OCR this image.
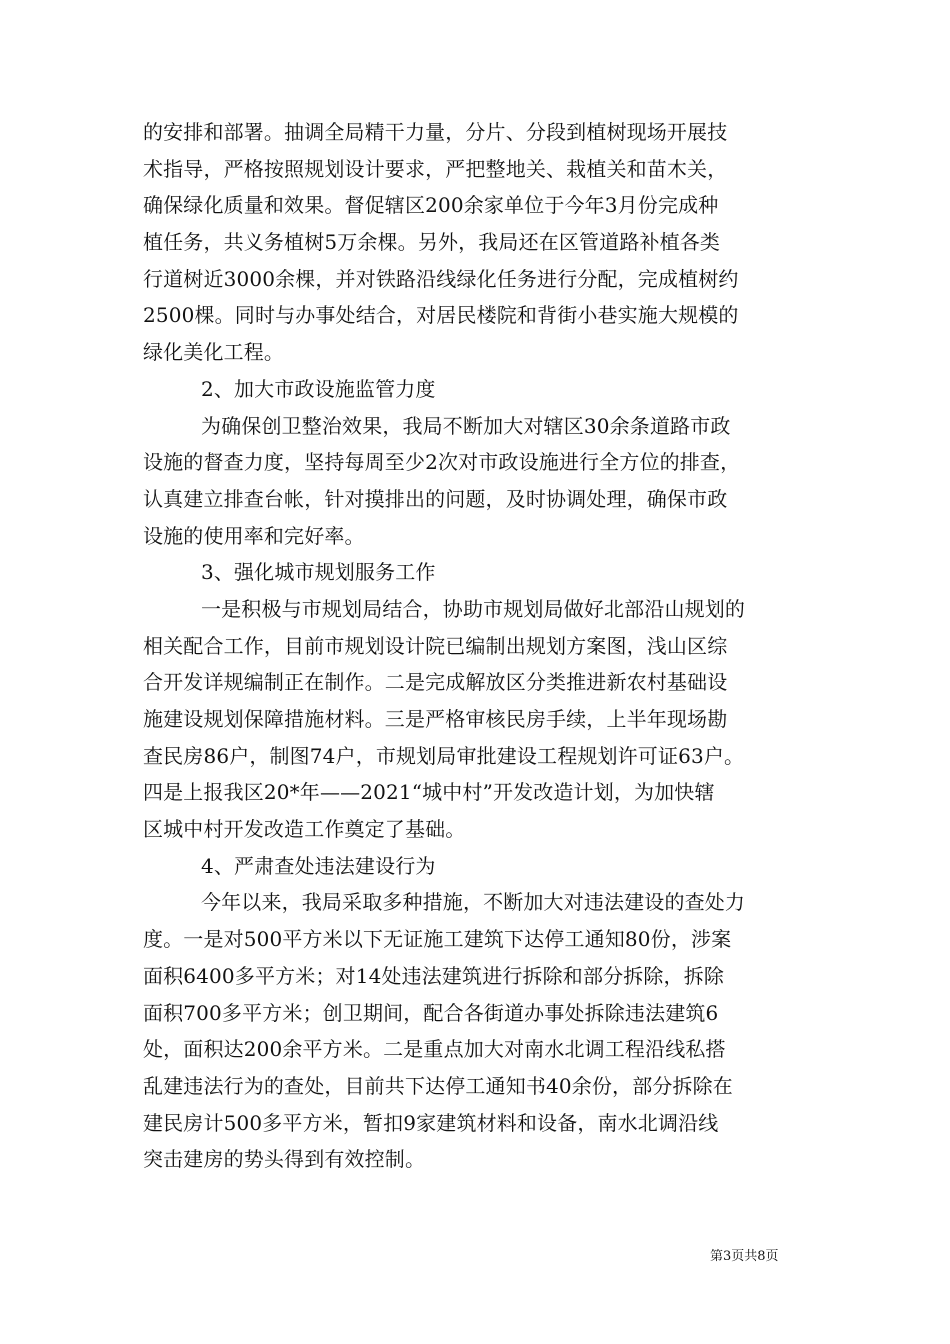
的安排和部署。抽调全局精干力量，分片、分段到植树现场开展技
术指导，严格按照规划设计要求，严把整地关、栽植关和苗木关，
确保绿化质量和效果。督促辖区200余家单位于今年3月份完成种
植任务，共义务植树5万余棵。另外，我局还在区管道路补植各类
行道树近3000余棵，并对铁路沿线绿化任务进行分配，完成植树约
2500棵。同时与办事处结合，对居民楼院和背街小巷实施大规模的
绿化美化工程。
2、加大市政设施监管力度
为确保创卫整治效果，我局不断加大对辖区30余条道路市政
设施的督查力度，坚持每周至少2次对市政设施进行全方位的排查，
认真建立排查台帐，针对摸排出的问题，及时协调处理，确保市政
设施的使用率和完好率。
3、强化城市规划服务工作
一是积极与市规划局结合，协助市规划局做好北部沿山规划的
相关配合工作，目前市规划设计院已编制出规划方案图，浅山区综
合开发详规编制正在制作。二是完成解放区分类推进新农村基础设
施建设规划保障措施材料。三是严格审核民房手续，上半年现场勘
查民房86户，制图74户，市规划局审批建设工程规划许可证63户。
四是上报我区20*年——2021“城中村”开发改造计划，为加快辖
区城中村开发改造工作奠定了基础。
4、严肃查处违法建设行为
今年以来，我局采取多种措施，不断加大对违法建设的查处力
度。一是对500平方米以下无证施工建筑下达停工通知80份，涉案
面积6400多平方米；对14处违法建筑进行拆除和部分拆除，拆除
面积700多平方米；创卫期间，配合各街道办事处拆除违法建筑6
处，面积达200余平方米。二是重点加大对南水北调工程沿线私搭
乱建违法行为的查处，目前共下达停工通知书40余份，部分拆除在
建民房计500多平方米，暂扣9家建筑材料和设备，南水北调沿线
突击建房的势头得到有效控制。
第3页共8页
